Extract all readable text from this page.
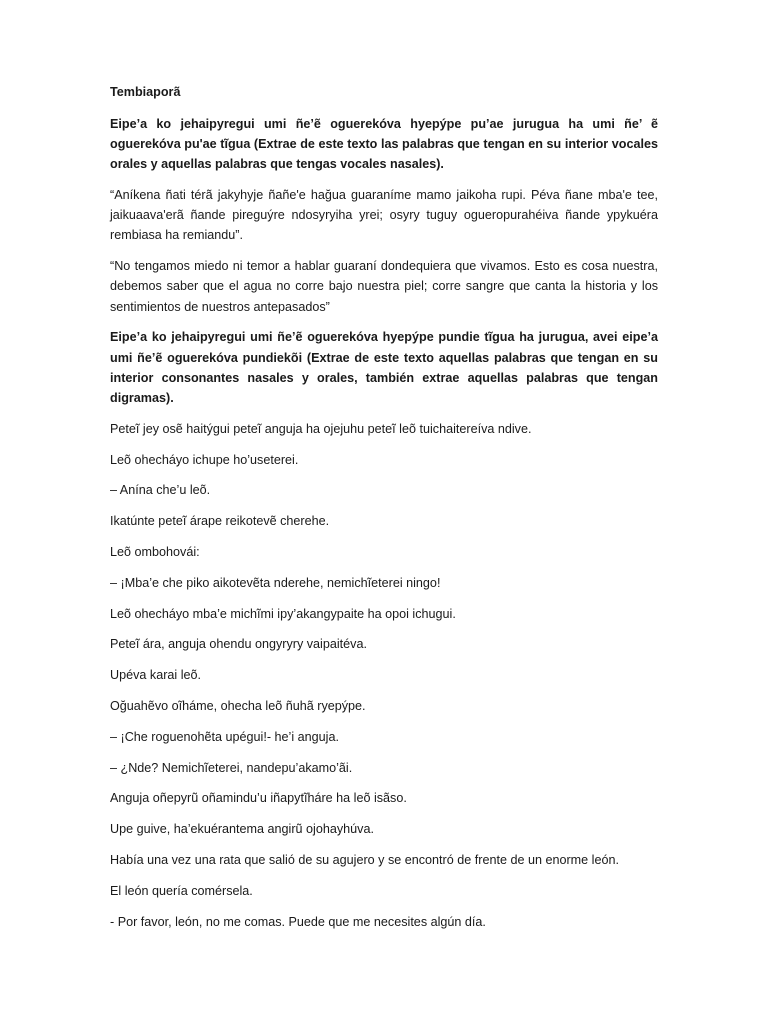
Tembiaporã

Eipe’a ko jehaipyregui umi ñe’ẽ oguerekóva hyepýpe pu’ae jurugua ha umi ñe’ ẽ oguerekóva pu'ae tĩgua (Extrae de este texto las palabras que tengan en su interior vocales orales y aquellas palabras que tengas vocales nasales).

“Aníkena ñati térã jakyhyje ñañe'e hağua guaraníme mamo jaikoha rupi. Péva ñane mba'e tee, jaikuaava'erã ñande pireguýre ndosyryiha yrei; osyry tuguy ogueropurahéiva ñande ypykuéra rembiasa ha remiandu”.

“No tengamos miedo ni temor a hablar guaraní dondequiera que vivamos. Esto es cosa nuestra, debemos saber que el agua no corre bajo nuestra piel; corre sangre que canta la historia y los sentimientos de nuestros antepasados”

Eipe’a ko jehaipyregui umi ñe’ẽ oguerekóva hyepýpe pundie tĩgua ha jurugua, avei eipe’a umi ñe’ẽ oguerekóva pundiekõi (Extrae de este texto aquellas palabras que tengan en su interior consonantes nasales y orales, también extrae aquellas palabras que tengan digramas).

Peteĩ jey osẽ haitýgui peteĩ anguja ha ojejuhu peteĩ leõ tuichaitereíva ndive.

Leõ ohecháyo ichupe ho’useterei.

– Anína che’u leõ.

Ikatúnte peteĩ árape reikotevẽ cherehe.

Leõ ombohovái:

– ¡Mba’e che piko aikotevẽta nderehe, nemichĩeterei ningo!

Leõ ohecháyo mba’e michĩmi ipy’akangypaite ha opoi ichugui.

Peteĩ ára, anguja ohendu ongyryry vaipaitéva.

Upéva karai leõ.

Oğuahẽvo oĩháme, ohecha leõ ñuhã ryepýpe.

– ¡Che roguenohẽta upégui!- he’i anguja.

– ¿Nde? Nemichĩeterei, nandepu’akamo’ãi.

Anguja oñepyrũ oñamindu’u iñapytĩháre ha leõ isãso.

Upe guive, ha’ekuérantema angirũ ojohayhúva.

Había una vez una rata que salió de su agujero y se encontró de frente de un enorme león.

El león quería comérsela.

- Por favor, león, no me comas. Puede que me necesites algún día.
